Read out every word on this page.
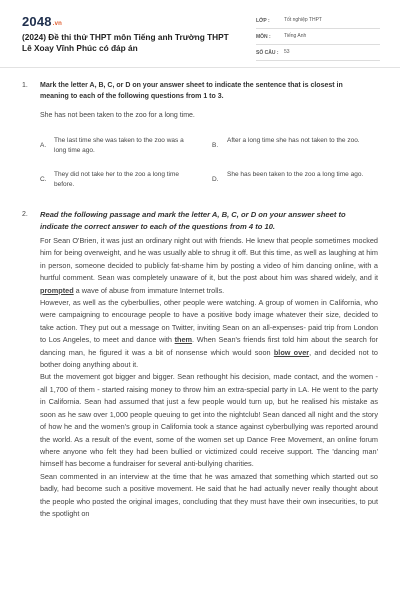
2048.vn
(2024) Đề thi thử THPT môn Tiếng anh Trường THPT Lê Xoay Vĩnh Phúc có đáp án
LỚP :	Tốt nghiệp THPT
MÔN :	Tiếng Anh
SỐ CÂU : 53
1. Mark the letter A, B, C, or D on your answer sheet to indicate the sentence that is closest in meaning to each of the following questions from 1 to 3.
She has not been taken to the zoo for a long time.
A.
The last time she was taken to the zoo was a long time ago.
B.
After a long time she has not taken to the zoo.
C.
They did not take her to the zoo a long time before.
D.
She has been taken to the zoo a long time ago.
2. Read the following passage and mark the letter A, B, C, or D on your answer sheet to indicate the correct answer to each of the questions from 4 to 10.

For Sean O'Brien, it was just an ordinary night out with friends. He knew that people sometimes mocked him for being overweight, and he was usually able to shrug it off. But this time, as well as laughing at him in person, someone decided to publicly fat-shame him by posting a video of him dancing online, with a hurtful comment. Sean was completely unaware of it, but the post about him was shared widely, and it prompted a wave of abuse from immature Internet trolls.

However, as well as the cyberbullies, other people were watching. A group of women in California, who were campaigning to encourage people to have a positive body image whatever their size, decided to take action. They put out a message on Twitter, inviting Sean on an all-expenses- paid trip from London to Los Angeles, to meet and dance with them. When Sean's friends first told him about the search for dancing man, he figured it was a bit of nonsense which would soon blow over, and decided not to bother doing anything about it.

But the movement got bigger and bigger. Sean rethought his decision, made contact, and the women - all 1,700 of them - started raising money to throw him an extra-special party in LA. He went to the party in California. Sean had assumed that just a few people would turn up, but he realised his mistake as soon as he saw over 1,000 people queuing to get into the nightclub! Sean danced all night and the story of how he and the women's group in California took a stance against cyberbullying was reported around the world. As a result of the event, some of the women set up Dance Free Movement, an online forum where anyone who felt they had been bullied or victimized could receive support. The 'dancing man' himself has become a fundraiser for several anti-bullying charities.

Sean commented in an interview at the time that he was amazed that something which started out so badly, had become such a positive movement. He said that he had actually never really thought about the people who posted the original images, concluding that they must have their own insecurities, to put the spotlight on
